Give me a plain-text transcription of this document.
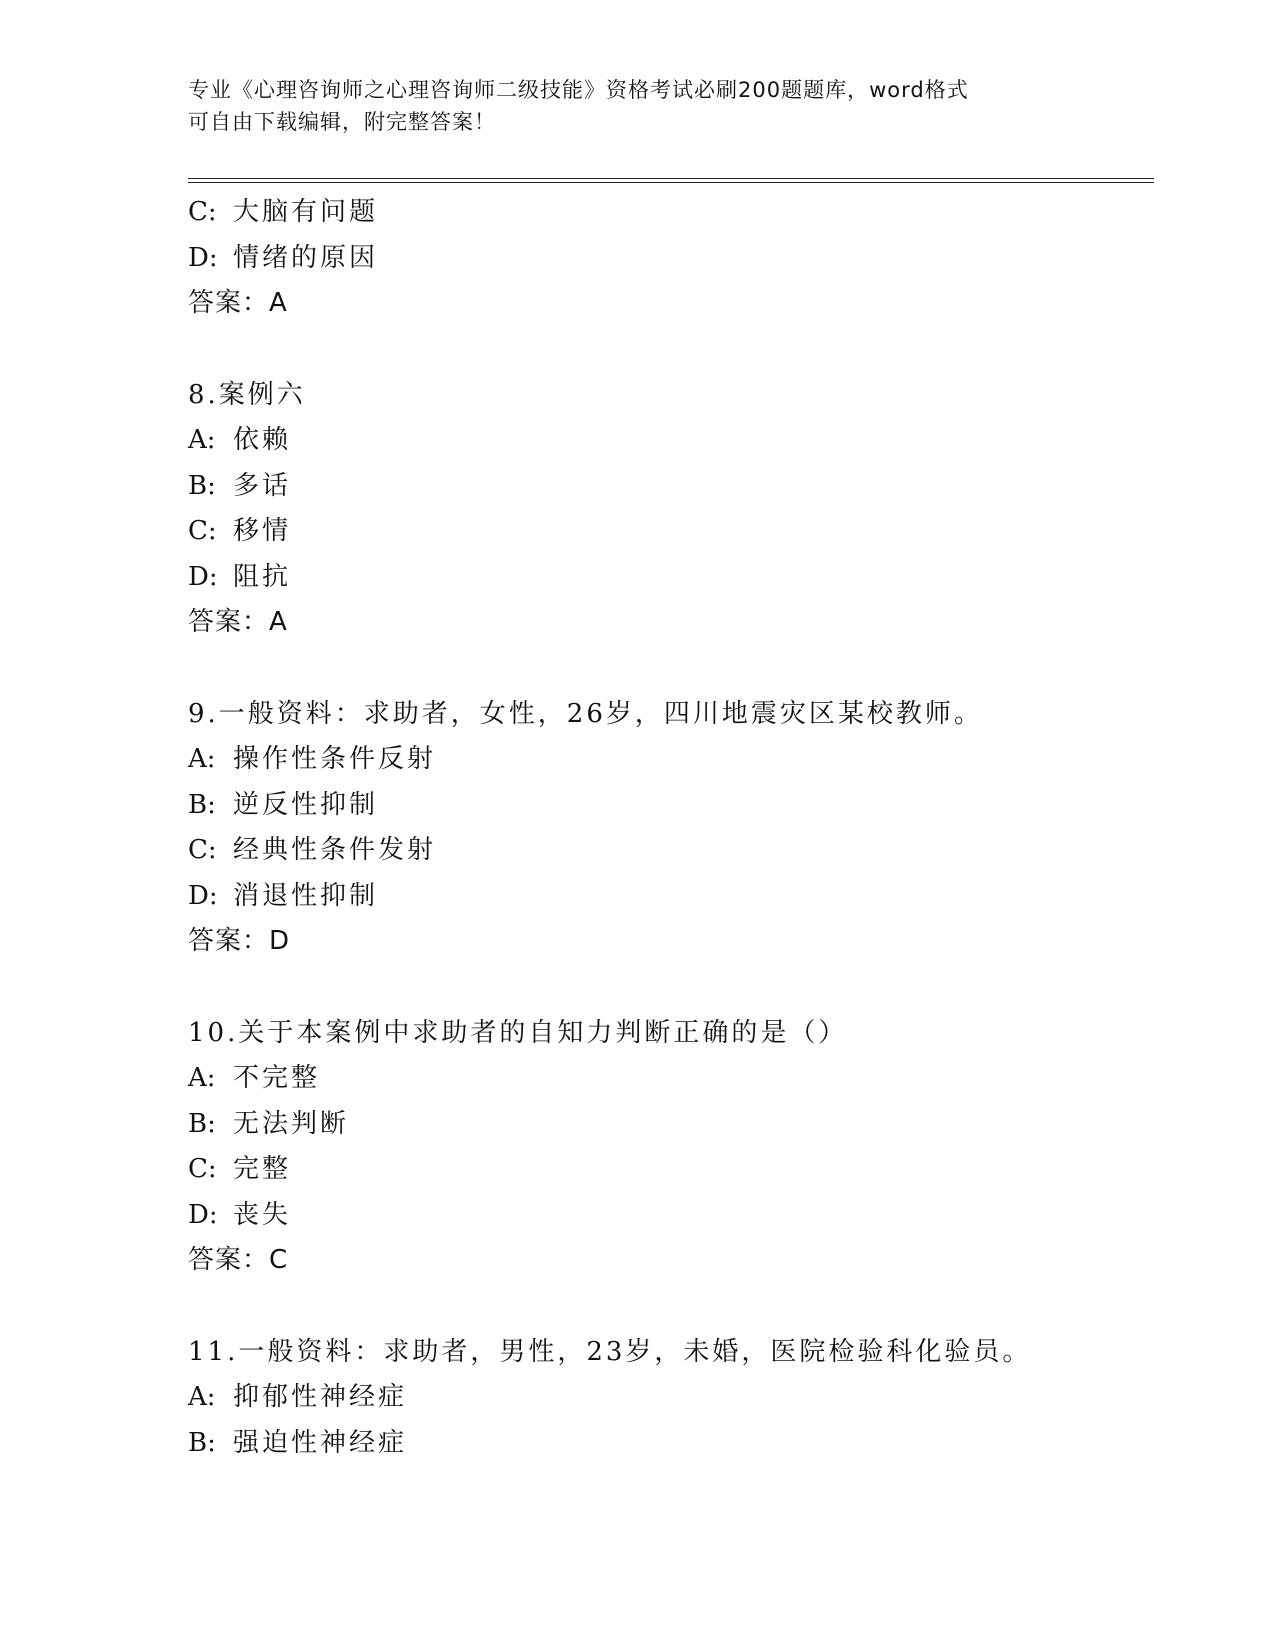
专业《心理咨询师之心理咨询师二级技能》资格考试必刷200题题库，word格式

可自由下载编辑，附完整答案！

C: 大脑有问题
D: 情绪的原因
答案：A
8.案例六
A: 依赖
B: 多话
C: 移情
D: 阻抗
答案：A
9.一般资料：求助者，女性，26岁，四川地震灾区某校教师。
A: 操作性条件反射
B: 逆反性抑制
C: 经典性条件发射
D: 消退性抑制
答案：D
10.关于本案例中求助者的自知力判断正确的是（）
A: 不完整
B: 无法判断
C: 完整
D: 丧失
答案：C
11.一般资料：求助者，男性，23岁，未婚，医院检验科化验员。
A: 抑郁性神经症
B: 强迫性神经症
